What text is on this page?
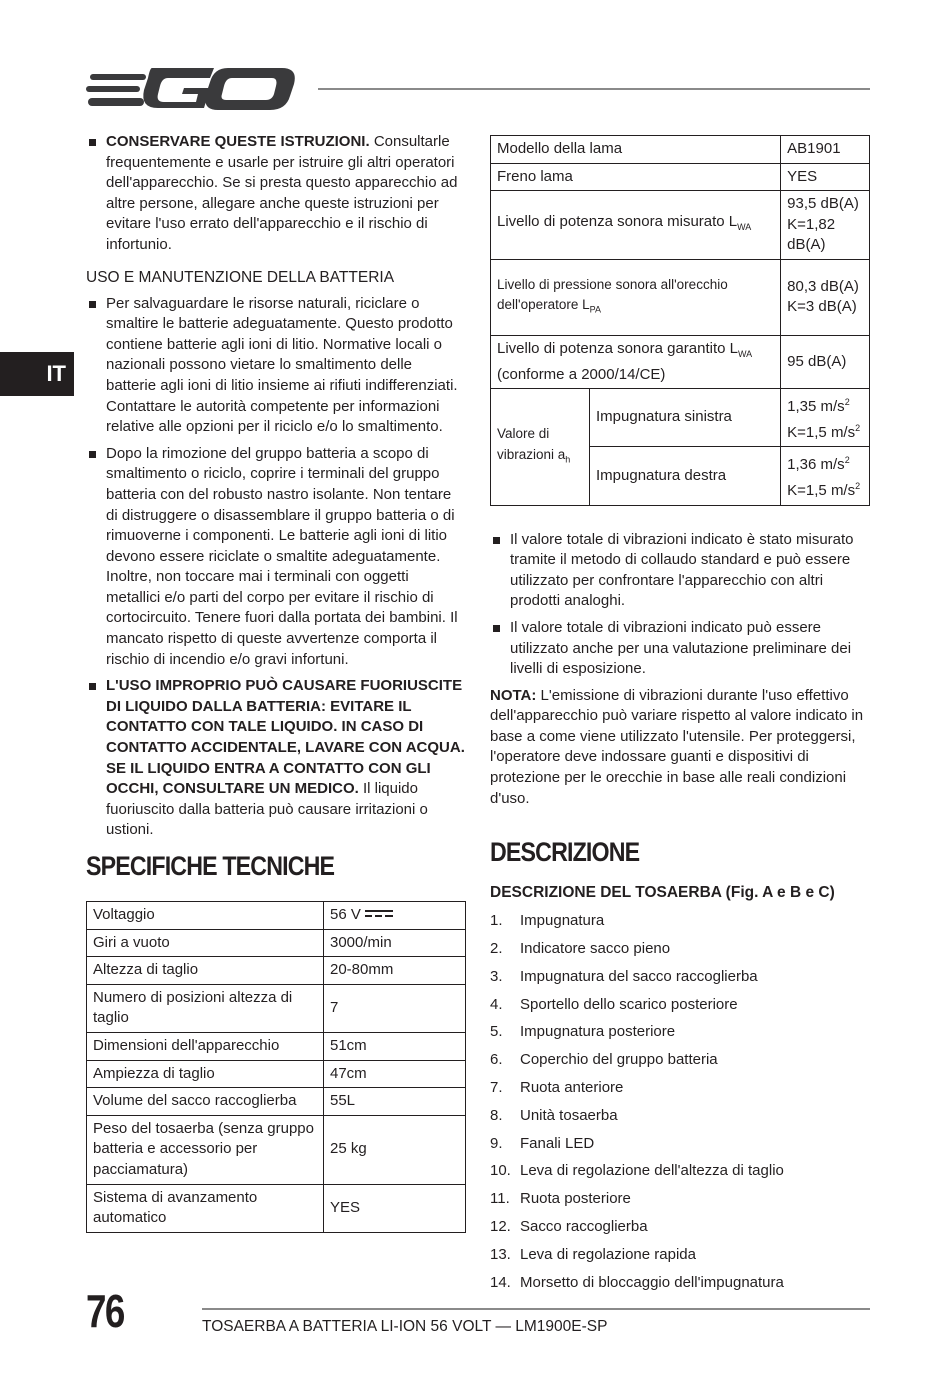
IT
CONSERVARE QUESTE ISTRUZIONI. Consultarle frequentemente e usarle per istruire gli altri operatori dell'apparecchio. Se si presta questo apparecchio ad altre persone, allegare anche queste istruzioni per evitare l'uso errato dell'apparecchio e il rischio di infortunio.
USO E MANUTENZIONE DELLA BATTERIA
Per salvaguardare le risorse naturali, riciclare o smaltire le batterie adeguatamente. Questo prodotto contiene batterie agli ioni di litio. Normative locali o nazionali possono vietare lo smaltimento delle batterie agli ioni di litio insieme ai rifiuti indifferenziati. Contattare le autorità competente per informazioni relative alle opzioni per il riciclo e/o lo smaltimento.
Dopo la rimozione del gruppo batteria a scopo di smaltimento o riciclo, coprire i terminali del gruppo batteria con del robusto nastro isolante. Non tentare di distruggere o disassemblare il gruppo batteria o di rimuoverne i componenti. Le batterie agli ioni di litio devono essere riciclate o smaltite adeguatamente. Inoltre, non toccare mai i terminali con oggetti metallici e/o parti del corpo per evitare il rischio di cortocircuito. Tenere fuori dalla portata dei bambini. Il mancato rispetto di queste avvertenze comporta il rischio di incendio e/o gravi infortuni.
L'USO IMPROPRIO PUÒ CAUSARE FUORIUSCITE DI LIQUIDO DALLA BATTERIA: EVITARE IL CONTATTO CON TALE LIQUIDO. IN CASO DI CONTATTO ACCIDENTALE, LAVARE CON ACQUA. SE IL LIQUIDO ENTRA A CONTATTO CON GLI OCCHI, CONSULTARE UN MEDICO. Il liquido fuoriuscito dalla batteria può causare irritazioni o ustioni.
SPECIFICHE TECNICHE
Voltaggio	56 V
Giri a vuoto	3000/min
Altezza di taglio	20-80mm
Numero di posizioni altezza di taglio	7
Dimensioni dell'apparecchio	51cm
Ampiezza di taglio	47cm
Volume del sacco raccoglierba	55L
Peso del tosaerba (senza gruppo batteria e accessorio per pacciamatura)	25 kg
Sistema di avanzamento automatico	YES
Modello della lama		AB1901
Freno lama		YES
Livello di potenza sonora misurato $L_{WA}$		93,5 dB(A)
K=1,82 dB(A)
Livello di pressione sonora all'orecchio dell'operatore $L_{PA}$		80,3 dB(A)
K=3 dB(A)
Livello di potenza sonora garantito $L_{WA}$
(conforme a 2000/14/CE)		95 dB(A)
Valore di vibrazioni $a_h$	Impugnatura sinistra	1,35 $m/s^2$
K=1,5 $m/s^2$
	Impugnatura destra	1,36 $m/s^2$
K=1,5 $m/s^2$
Il valore totale di vibrazioni indicato è stato misurato tramite il metodo di collaudo standard e può essere utilizzato per confrontare l'apparecchio con altri prodotti analoghi.
Il valore totale di vibrazioni indicato può essere utilizzato anche per una valutazione preliminare dei livelli di esposizione.

NOTA: L'emissione di vibrazioni durante l'uso effettivo dell'apparecchio può variare rispetto al valore indicato in base a come viene utilizzato l'utensile. Per proteggersi, l'operatore deve indossare guanti e dispositivi di protezione per le orecchie in base alle reali condizioni d'uso.

DESCRIZIONE
DESCRIZIONE DEL TOSAERBA (Fig. A e B e C)
1.	Impugnatura
2.	Indicatore sacco pieno
3.	Impugnatura del sacco raccoglierba
4.	Sportello dello scarico posteriore
5.	Impugnatura posteriore
6.	Coperchio del gruppo batteria
7.	Ruota anteriore
8.	Unità tosaerba
9.	Fanali LED
10. Leva di regolazione dell'altezza di taglio
11. Ruota posteriore
12. Sacco raccoglierba
13. Leva di regolazione rapida
14. Morsetto di bloccaggio dell'impugnatura
76	TOSAERBA A BATTERIA LI-ION 56 VOLT — LM1900E-SP
